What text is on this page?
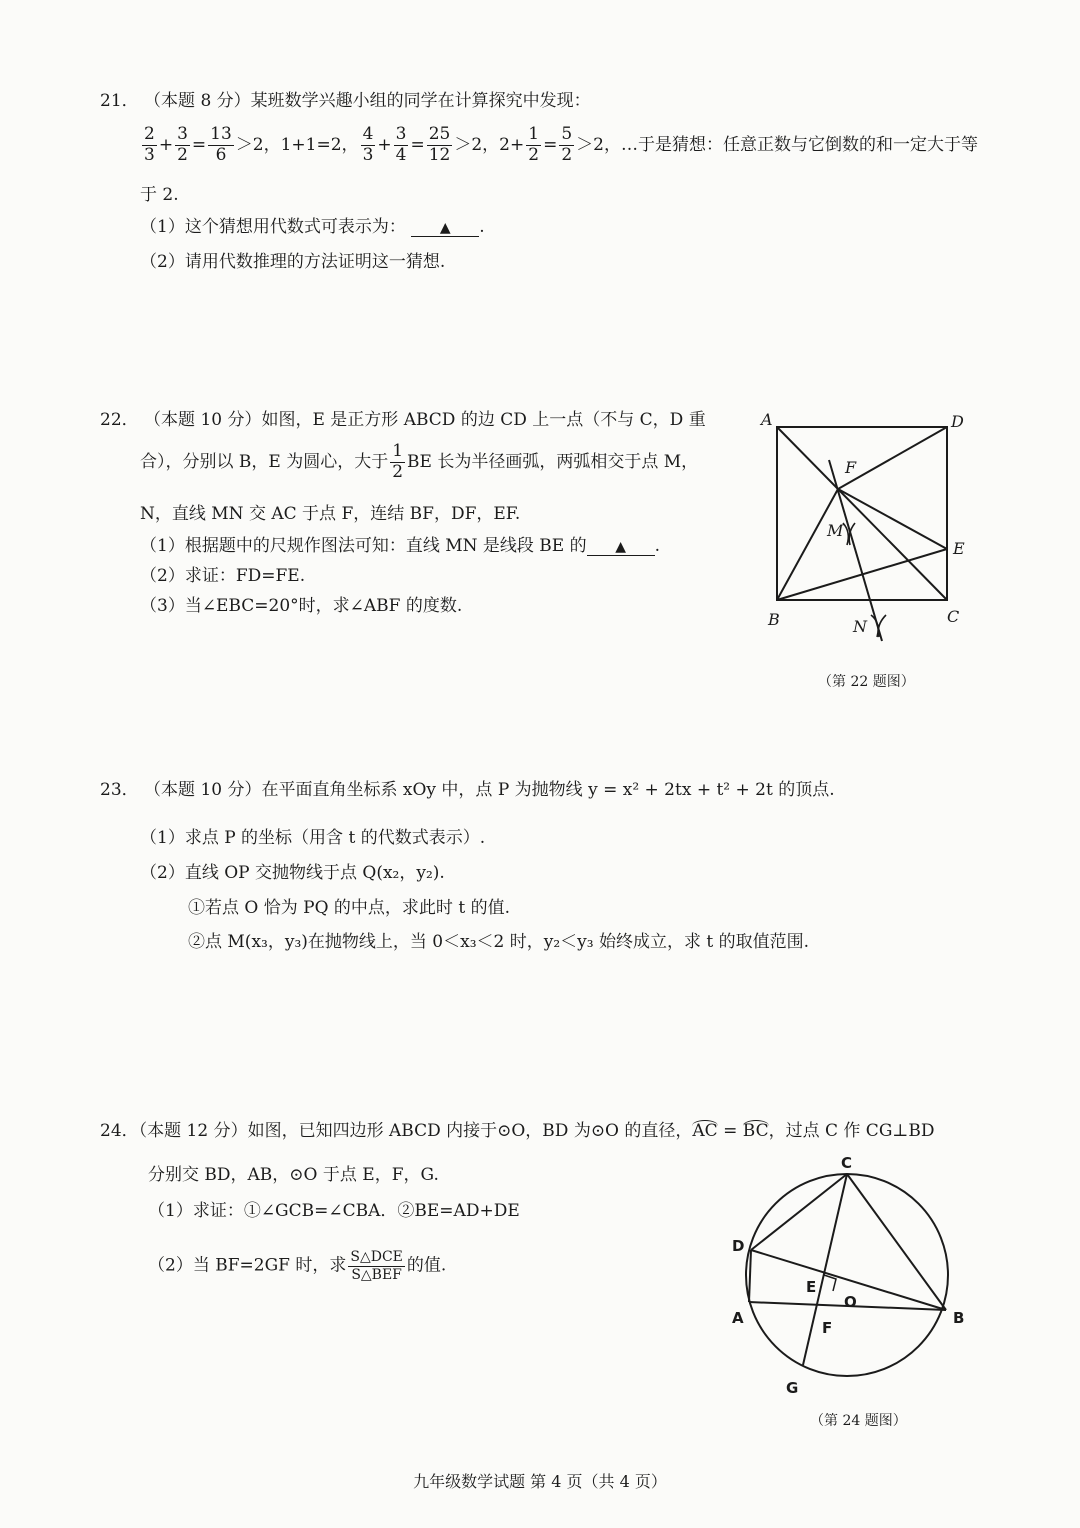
21． （本题 8 分）某班数学兴趣小组的同学在计算探究中发现：
$\frac{2}{3} + \frac{3}{2} = \frac{13}{6} >2$，1+1=2， $\frac{4}{3} + \frac{3}{4} = \frac{25}{12} >2$，$2+ \frac{1}{2} = \frac{5}{2} >2$，…于是猜想：任意正数与它倒数的和一定大于等
于 2.
（1）这个猜想用代数式可表示为： ▲ .
（2）请用代数推理的方法证明这一猜想.
22． （本题 10 分）如图，E 是正方形 ABCD 的边 CD 上一点（不与 C，D 重
合），分别以 B，E 为圆心，大于 $\frac{1}{2}$ BE 长为半径画弧，两弧相交于点 M，
N，直线 MN 交 AC 于点 F，连结 BF，DF，EF.
（1）根据题中的尺规作图法可知：直线 MN 是线段 BE 的 ▲ .
（2）求证：FD=FE.
（3）当∠EBC=20°时，求∠ABF 的度数.
A	D
F
M
E
B	C
N
（第 22 题图）
23． （本题 10 分）在平面直角坐标系 xOy 中，点 P 为抛物线 y = x² + 2tx + t² + 2t 的顶点.
（1）求点 P 的坐标（用含 t 的代数式表示）.
（2）直线 OP 交抛物线于点 Q(x₂，y₂).
①若点 O 恰为 PQ 的中点，求此时 t 的值.
②点 M(x₃，y₃)在抛物线上，当 0＜x₃＜2 时，y₂＜y₃ 始终成立，求 t 的取值范围.
24．（本题 12 分）如图，已知四边形 ABCD 内接于⊙O，BD 为⊙O 的直径，AC = BC，过点 C 作 CG⊥BD
分别交 BD，AB，⊙O 于点 E，F，G.
（1）求证：①∠GCB=∠CBA．②BE=AD+DE
（2）当 BF=2GF 时，求 $\frac{\text{S△DCE}}{\text{S△BEF}}$ 的值.
C
D
E
O
A
F
B
G
（第 24 题图）
九年级数学试题 第 4 页（共 4 页）
